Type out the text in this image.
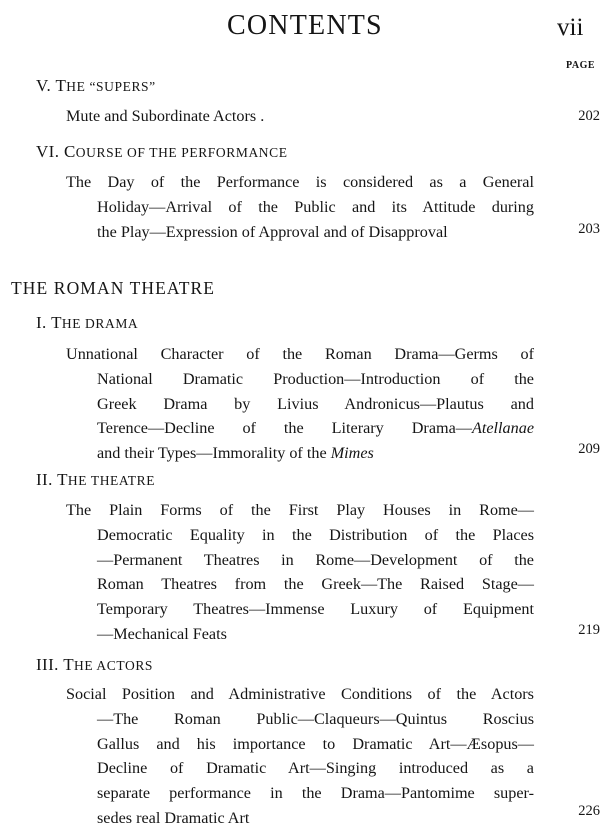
CONTENTS	vii
PAGE
V. THE “SUPERS”
Mute and Subordinate Actors .	202
VI. COURSE OF THE PERFORMANCE
The Day of the Performance is considered as a General
Holiday—Arrival of the Public and its Attitude during
the Play—Expression of Approval and of Disapproval	203
THE ROMAN THEATRE
I. THE DRAMA
Unnational Character of the Roman Drama—Germs of
National Dramatic Production—Introduction of the
Greek Drama by Livius Andronicus—Plautus and
Terence—Decline of the Literary Drama—Atellanae
and their Types—Immorality of the Mimes	209
II. THE THEATRE
The Plain Forms of the First Play Houses in Rome—
Democratic Equality in the Distribution of the Places
—Permanent Theatres in Rome—Development of the
Roman Theatres from the Greek—The Raised Stage—
Temporary Theatres—Immense Luxury of Equipment
—Mechanical Feats	219
III. THE ACTORS
Social Position and Administrative Conditions of the Actors
—The Roman Public—Claqueurs—Quintus Roscius
Gallus and his importance to Dramatic Art—Æsopus—
Decline of Dramatic Art—Singing introduced as a
separate performance in the Drama—Pantomime super-
sedes real Dramatic Art	226
